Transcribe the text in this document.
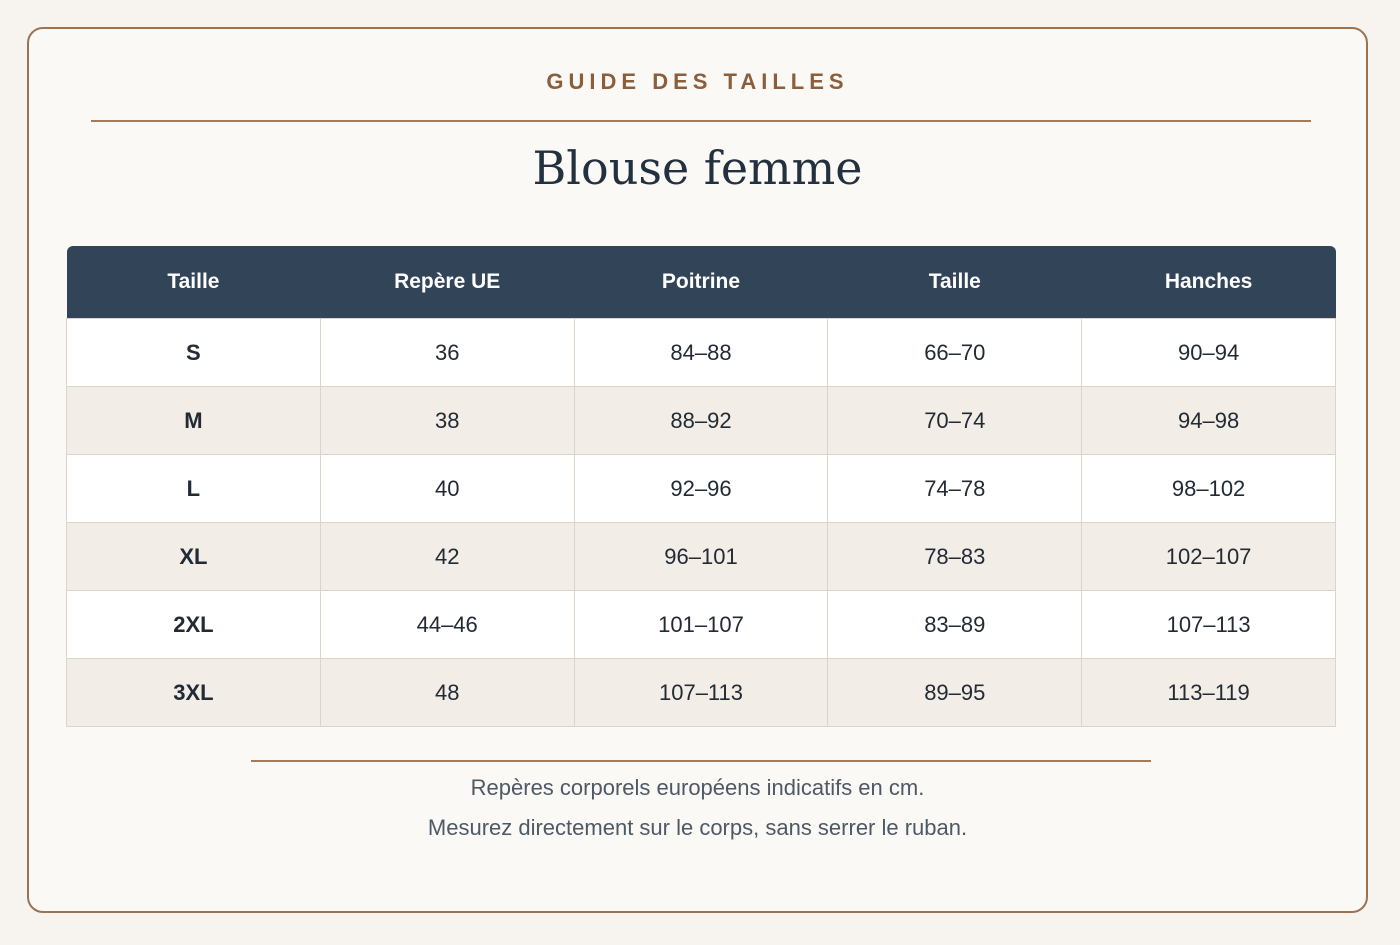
GUIDE DES TAILLES
Blouse femme
Taille	Repère UE	Poitrine	Taille	Hanches
S	36	84–88	66–70	90–94
M	38	88–92	70–74	94–98
L	40	92–96	74–78	98–102
XL	42	96–101	78–83	102–107
2XL	44–46	101–107	83–89	107–113
3XL	48	107–113	89–95	113–119
Repères corporels européens indicatifs en cm.
Mesurez directement sur le corps, sans serrer le ruban.
